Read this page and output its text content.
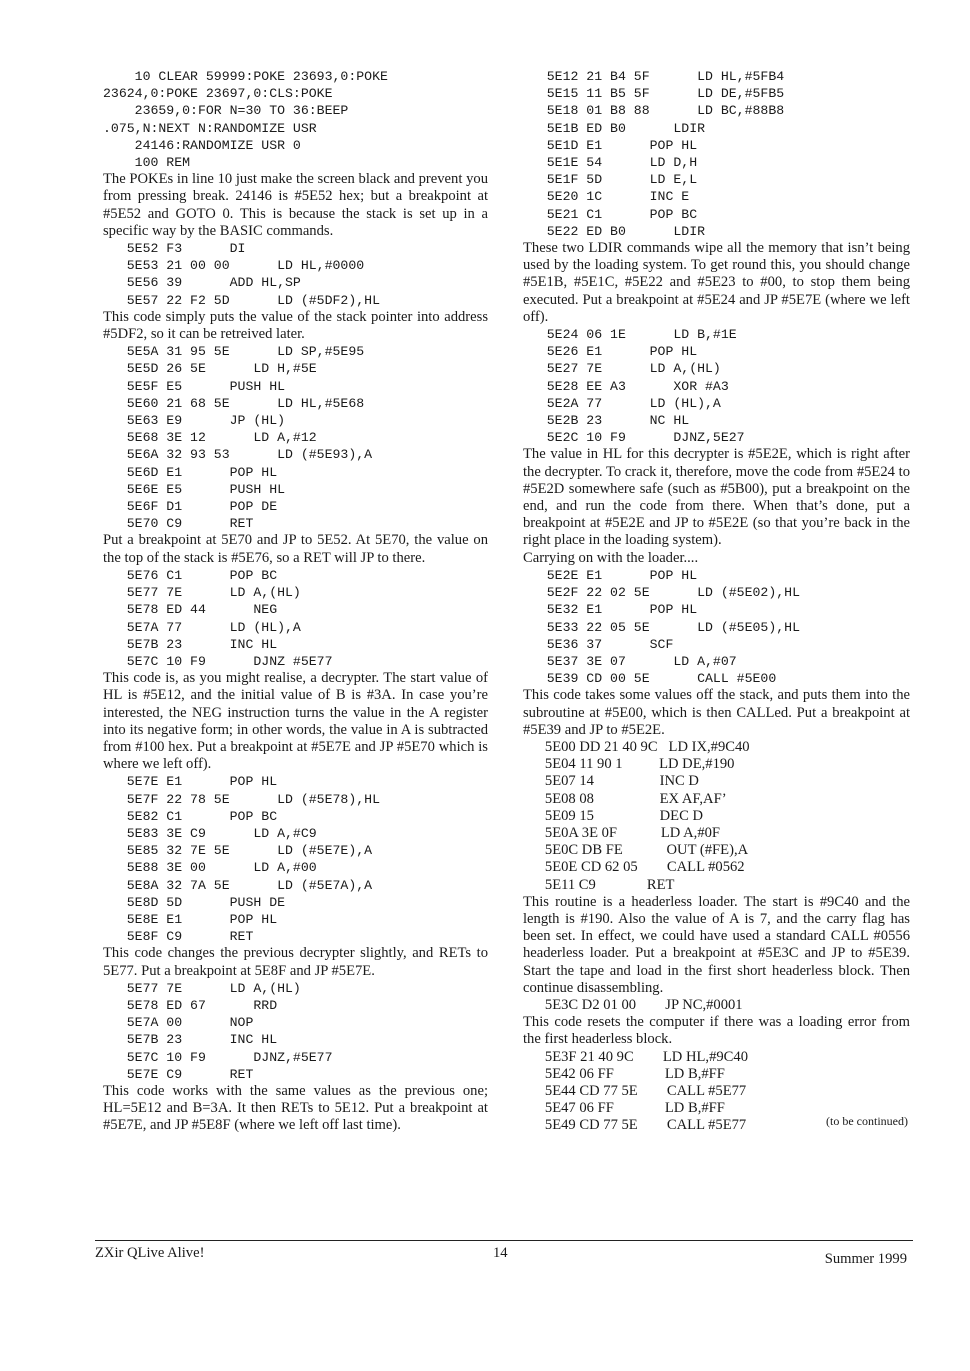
10 CLEAR 59999:POKE 23693,0:POKE
23624,0:POKE 23697,0:CLS:POKE
23659,0:FOR N=30 TO 36:BEEP
.075,N:NEXT N:RANDOMIZE USR
24146:RANDOMIZE USR 0
100 REM

The POKEs in line 10 just make the screen black and prevent you from pressing break. 24146 is #5E52 hex; but a breakpoint at #5E52 and GOTO 0. This is because the stack is set up in a specific way by the BASIC commands.

5E52 F3      DI
5E53 21 00 00      LD HL,#0000
5E56 39      ADD HL,SP
5E57 22 F2 5D      LD (#5DF2),HL

This code simply puts the value of the stack pointer into address #5DF2, so it can be retreived later.

5E5A 31 95 5E      LD SP,#5E95
5E5D 26 5E      LD H,#5E
5E5F E5      PUSH HL
5E60 21 68 5E      LD HL,#5E68
5E63 E9      JP (HL)
5E68 3E 12      LD A,#12
5E6A 32 93 53      LD (#5E93),A
5E6D E1      POP HL
5E6E E5      PUSH HL
5E6F D1      POP DE
5E70 C9      RET

Put a breakpoint at 5E70 and JP to 5E52. At 5E70, the value on the top of the stack is #5E76, so a RET will JP to there.

5E76 C1      POP BC
5E77 7E      LD A,(HL)
5E78 ED 44      NEG
5E7A 77      LD (HL),A
5E7B 23      INC HL
5E7C 10 F9      DJNZ #5E77

This code is, as you might realise, a decrypter. The start value of HL is #5E12, and the initial value of B is #3A. In case you’re interested, the NEG instruction turns the value in the A register into its negative form; in other words, the value in A is subtracted from #100 hex. Put a breakpoint at #5E7E and JP #5E70 which is where we left off).

5E7E E1      POP HL
5E7F 22 78 5E      LD (#5E78),HL
5E82 C1      POP BC
5E83 3E C9      LD A,#C9
5E85 32 7E 5E      LD (#5E7E),A
5E88 3E 00      LD A,#00
5E8A 32 7A 5E      LD (#5E7A),A
5E8D 5D      PUSH DE
5E8E E1      POP HL
5E8F C9      RET

This code changes the previous decrypter slightly, and RETs to 5E77. Put a breakpoint at 5E8F and JP #5E7E.

5E77 7E      LD A,(HL)
5E78 ED 67      RRD
5E7A 00      NOP
5E7B 23      INC HL
5E7C 10 F9      DJNZ,#5E77
5E7E C9      RET

This code works with the same values as the previous one; HL=5E12 and B=3A. It then RETs to 5E12. Put a breakpoint at #5E7E, and JP #5E8F (where we left off last time).

5E12 21 B4 5F      LD HL,#5FB4
5E15 11 B5 5F      LD DE,#5FB5
5E18 01 B8 88      LD BC,#88B8
5E1B ED B0      LDIR
5E1D E1      POP HL
5E1E 54      LD D,H
5E1F 5D      LD E,L
5E20 1C      INC E
5E21 C1      POP BC
5E22 ED B0      LDIR

These two LDIR commands wipe all the memory that isn’t being used by the loading system. To get round this, you should change #5E1B, #5E1C, #5E22 and #5E23 to #00, to stop them being executed. Put a breakpoint at #5E24 and JP #5E7E (where we left off).

5E24 06 1E      LD B,#1E
5E26 E1      POP HL
5E27 7E      LD A,(HL)
5E28 EE A3      XOR #A3
5E2A 77      LD (HL),A
5E2B 23      NC HL
5E2C 10 F9      DJNZ,5E27

The value in HL for this decrypter is #5E2E, which is right after the decrypter. To crack it, therefore, move the code from #5E24 to #5E2D somewhere safe (such as #5B00), put a breakpoint on the end, and run the code from there. When that’s done, put a breakpoint at #5E2E and JP to #5E2E (so that you’re back in the right place in the loading system).

Carrying on with the loader....

5E2E E1      POP HL
5E2F 22 02 5E      LD (#5E02),HL
5E32 E1      POP HL
5E33 22 05 5E      LD (#5E05),HL
5E36 37      SCF
5E37 3E 07      LD A,#07
5E39 CD 00 5E      CALL #5E00

This code takes some values off the stack, and puts them into the subroutine at #5E00, which is then CALLed. Put a breakpoint at #5E39 and JP to #5E2E.

5E00 DD 21 40 9C   LD IX,#9C40
5E04 11 90 1          LD DE,#190
5E07 14                  INC D
5E08 08                  EX AF,AF’
5E09 15                  DEC D
5E0A 3E 0F            LD A,#0F
5E0C DB FE            OUT (#FE),A
5E0E CD 62 05        CALL #0562
5E11 C9              RET

This routine is a headerless loader. The start is #9C40 and the length is #190. Also the value of A is 7, and the carry flag has been set. In effect, we could have used a standard CALL #0556 headerless loader. Put a breakpoint at #5E3C and JP to #5E39. Start the tape and load in the first short headerless block. Then continue disassembling.

5E3C D2 01 00        JP NC,#0001

This code resets the computer if there was a loading error from the first headerless block.

5E3F 21 40 9C        LD HL,#9C40
5E42 06 FF              LD B,#FF
5E44 CD 77 5E        CALL #5E77
5E47 06 FF              LD B,#FF
5E49 CD 77 5E        CALL #5E77	(to be continued)
ZXir QLive Alive!	14	Summer 1999
